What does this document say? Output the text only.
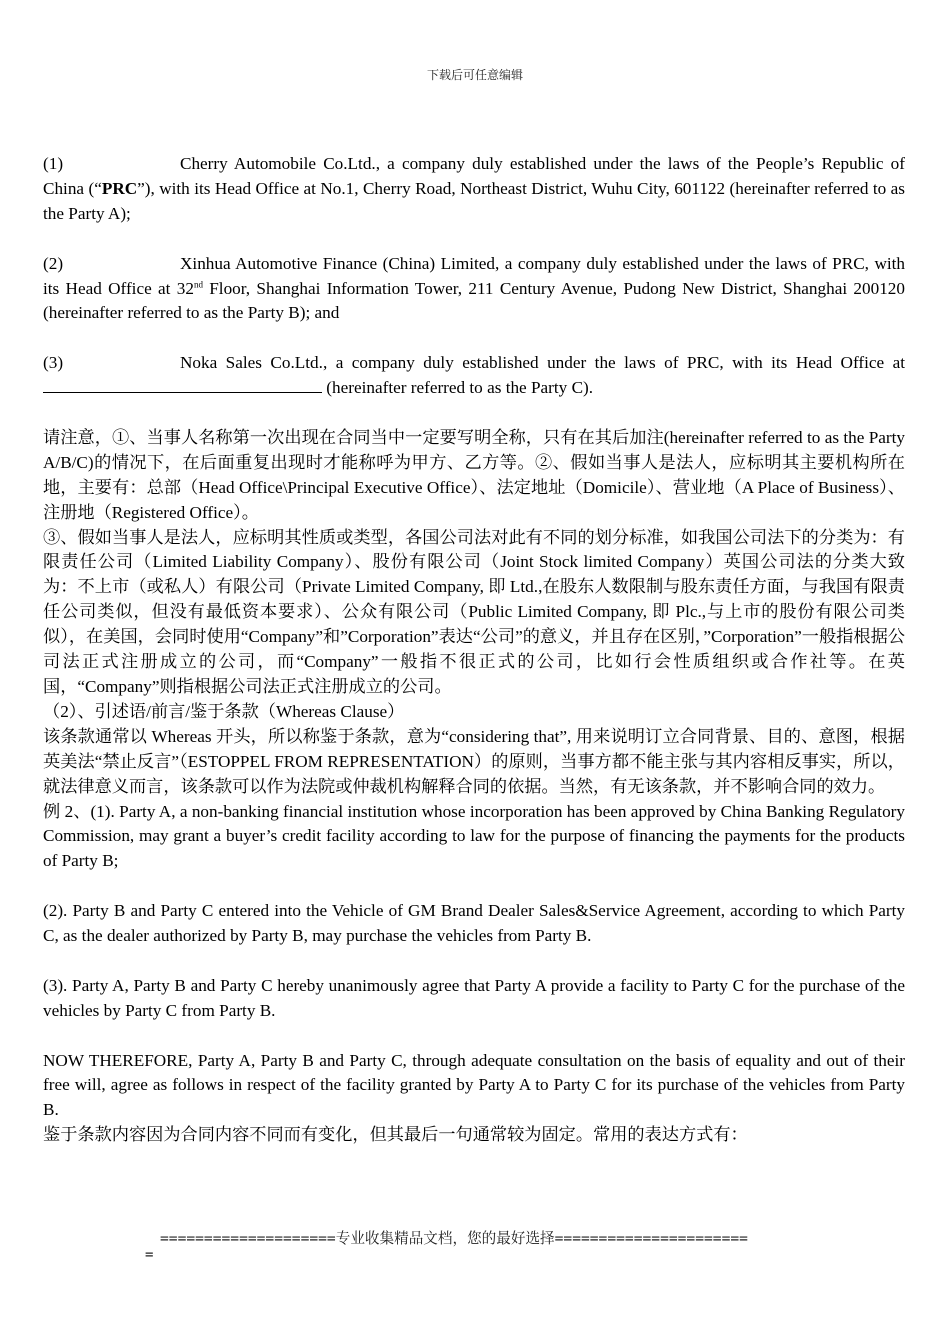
下载后可任意编辑

(1)	Cherry Automobile Co.Ltd., a company duly established under the laws of the People’s Republic of China (“PRC”), with its Head Office at No.1, Cherry Road, Northeast District, Wuhu City, 601122 (hereinafter referred to as the Party A);

(2)	Xinhua Automotive Finance (China) Limited, a company duly established under the laws of PRC, with its Head Office at 32nd Floor, Shanghai Information Tower, 211 Century Avenue, Pudong New District, Shanghai 200120 (hereinafter referred to as the Party B); and

(3)	Noka Sales Co.Ltd., a company duly established under the laws of PRC, with its Head Office at  (hereinafter referred to as the Party C).

请注意，①、当事人名称第一次出现在合同当中一定要写明全称，只有在其后加注(hereinafter referred to as the Party A/B/C)的情况下，在后面重复出现时才能称呼为甲方、乙方等。②、假如当事人是法人，应标明其主要机构所在地，主要有：总部（Head Office\Principal Executive Office）、法定地址（Domicile）、营业地（A Place of Business）、注册地（Registered Office）。

③、假如当事人是法人，应标明其性质或类型，各国公司法对此有不同的划分标准，如我国公司法下的分类为：有限责任公司（Limited Liability Company）、股份有限公司（Joint Stock limited Company）英国公司法的分类大致为：不上市（或私人）有限公司（Private Limited Company, 即 Ltd.,在股东人数限制与股东责任方面，与我国有限责任公司类似，但没有最低资本要求）、公众有限公司（Public Limited Company, 即 Plc.,与上市的股份有限公司类似），在美国，会同时使用“Company”和”Corporation”表达“公司”的意义，并且存在区别，”Corporation”一般指根据公司法正式注册成立的公司，而“Company”一般指不很正式的公司，比如行会性质组织或合作社等。在英国，“Company”则指根据公司法正式注册成立的公司。

（2）、引述语/前言/鉴于条款（Whereas Clause）

该条款通常以 Whereas 开头，所以称鉴于条款，意为“considering that”, 用来说明订立合同背景、目的、意图，根据英美法“禁止反言”（ESTOPPEL FROM REPRESENTATION）的原则，当事方都不能主张与其内容相反事实，所以，就法律意义而言，该条款可以作为法院或仲裁机构解释合同的依据。当然，有无该条款，并不影响合同的效力。

例 2、(1). Party A, a non-banking financial institution whose incorporation has been approved by China Banking Regulatory Commission, may grant a buyer’s credit facility according to law for the purpose of financing the payments for the products of Party B;

(2). Party B and Party C entered into the Vehicle of GM Brand Dealer Sales&Service Agreement, according to which Party C, as the dealer authorized by Party B, may purchase the vehicles from Party B.

(3). Party A, Party B and Party C hereby unanimously agree that Party A provide a facility to Party C for the purchase of the vehicles by Party C from Party B.

NOW THEREFORE, Party A, Party B and Party C, through adequate consultation on the basis of equality and out of their free will, agree as follows in respect of the facility granted by Party A to Party C for its purchase of the vehicles from Party B.

鉴于条款内容因为合同内容不同而有变化，但其最后一句通常较为固定。常用的表达方式有：

====================专业收集精品文档，您的最好选择======================
=
